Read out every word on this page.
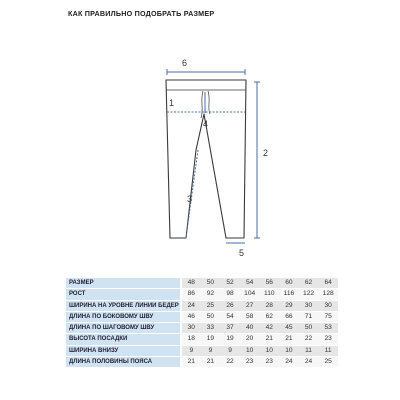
КАК ПРАВИЛЬНО ПОДОБРАТЬ РАЗМЕР
6
1
2
4
3
5
РАЗМЕР	48	50	52	54	56	60	62	64
РОСТ	86	92	98	104	110	116	122	128
ШИРИНА НА УРОВНЕ ЛИНИИ БЕДЕР	24	25	26	27	28	29	30	30
ДЛИНА ПО БОКОВОМУ ШВУ	46	50	54	58	62	66	71	75
ДЛИНА ПО ШАГОВОМУ ШВУ	30	33	37	40	42	45	50	53
ВЫСОТА ПОСАДКИ	18	19	19	20	21	21	22	23
ШИРИНА ВНИЗУ	9	9	9	10	10	10	11	11
ДЛИНА ПОЛОВИНЫ ПОЯСА	21	21	22	23	23	24	24	25
